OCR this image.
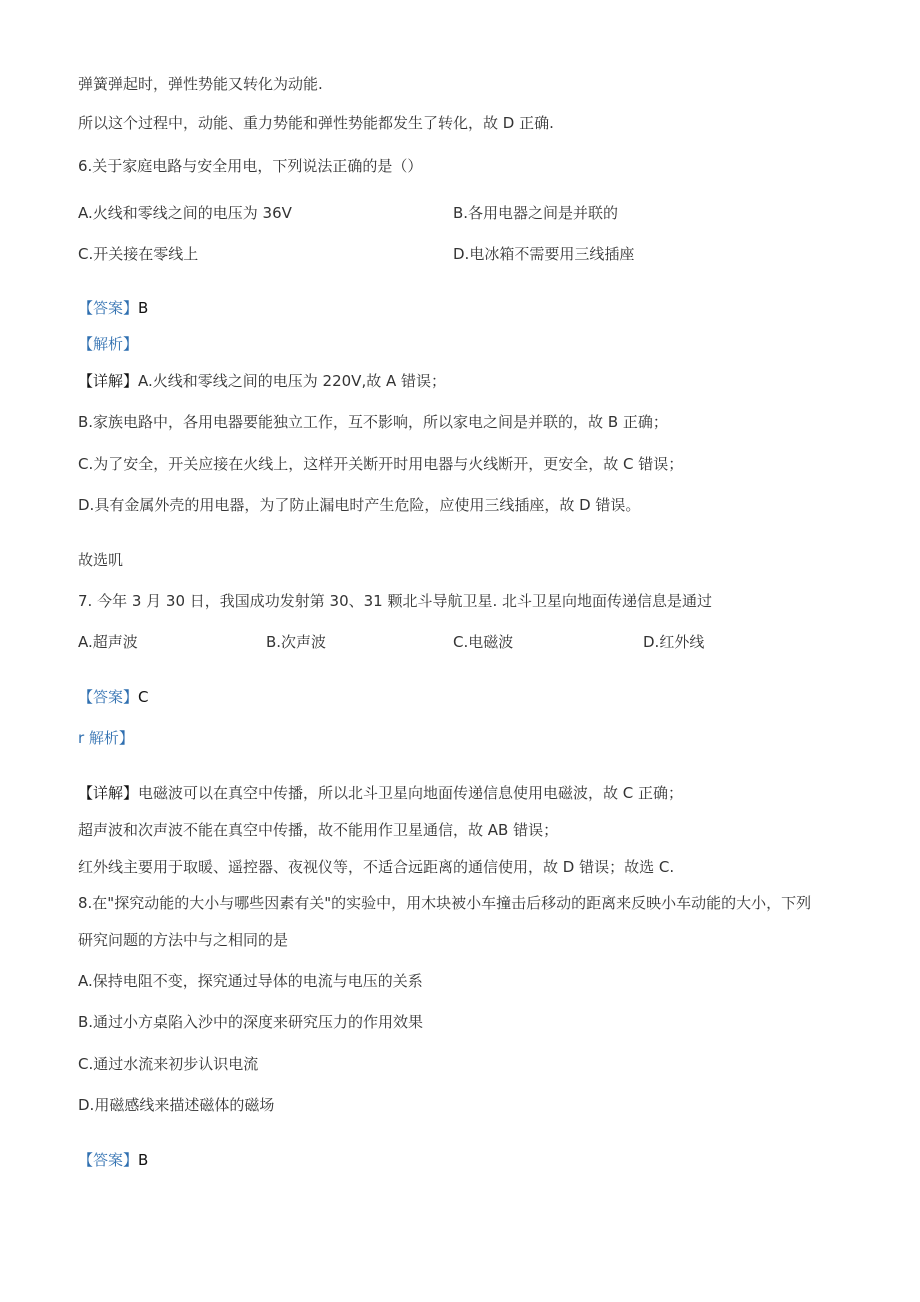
弹簧弹起时，弹性势能又转化为动能.
所以这个过程中，动能、重力势能和弹性势能都发生了转化，故 D 正确.
6.关于家庭电路与安全用电，下列说法正确的是（）
A.火线和零线之间的电压为 36V	B.各用电器之间是并联的
C.开关接在零线上	D.电冰箱不需要用三线插座
【答案】B
【解析】
【详解】A.火线和零线之间的电压为 220V,故 A 错误；
B.家族电路中，各用电器要能独立工作，互不影响，所以家电之间是并联的，故 B 正确；
C.为了安全，开关应接在火线上，这样开关断开时用电器与火线断开，更安全，故 C 错误；
D.具有金属外壳的用电器，为了防止漏电时产生危险，应使用三线插座，故 D 错误。
故选叽
7. 今年 3 月 30 日，我国成功发射第 30、31 颗北斗导航卫星. 北斗卫星向地面传递信息是通过
A.超声波	B.次声波	C.电磁波	D.红外线
【答案】C
r 解析】
【详解】电磁波可以在真空中传播，所以北斗卫星向地面传递信息使用电磁波，故 C 正确；
超声波和次声波不能在真空中传播，故不能用作卫星通信，故 AB 错误；
红外线主要用于取暖、遥控器、夜视仪等，不适合远距离的通信使用，故 D 错误；故选 C.
8.在"探究动能的大小与哪些因素有关"的实验中，用木块被小车撞击后移动的距离来反映小车动能的大小，下列
研究问题的方法中与之相同的是
A.保持电阻不变，探究通过导体的电流与电压的关系
B.通过小方桌陷入沙中的深度来研究压力的作用效果
C.通过水流来初步认识电流
D.用磁感线来描述磁体的磁场
【答案】B
